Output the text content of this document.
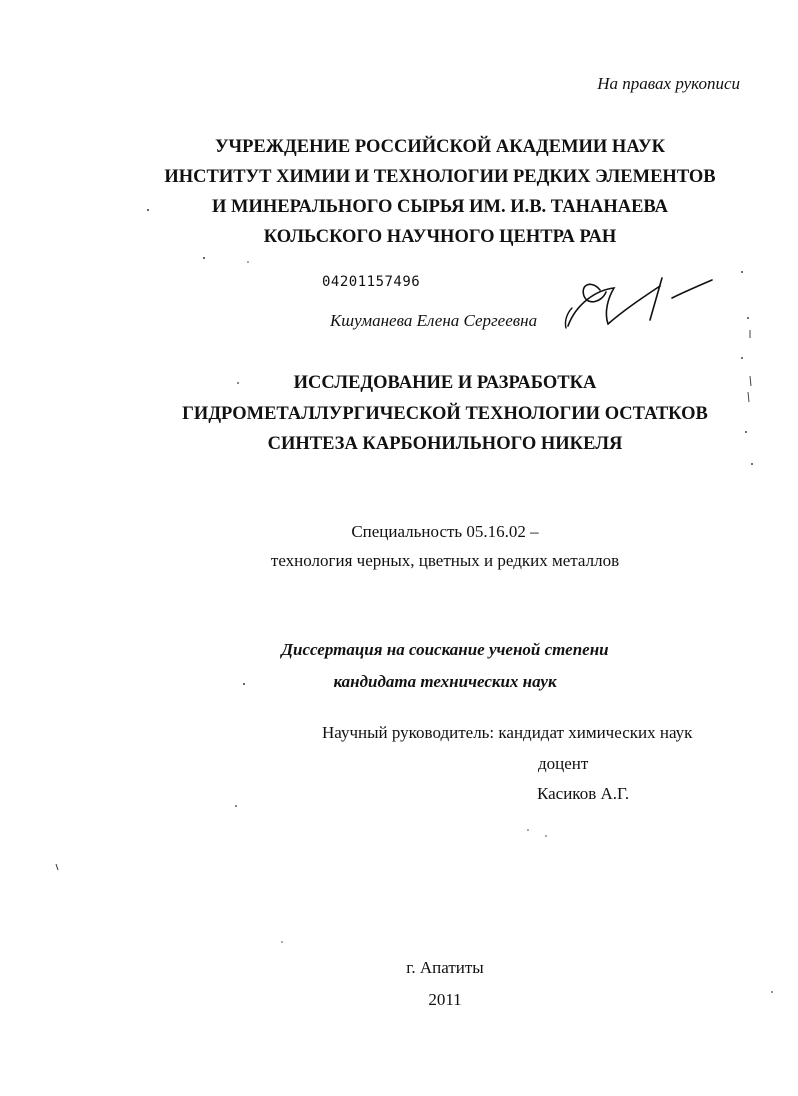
На правах рукописи
УЧРЕЖДЕНИЕ РОССИЙСКОЙ АКАДЕМИИ НАУК
ИНСТИТУТ ХИМИИ И ТЕХНОЛОГИИ РЕДКИХ ЭЛЕМЕНТОВ
И МИНЕРАЛЬНОГО СЫРЬЯ ИМ. И.В. ТАНАНАЕВА
КОЛЬСКОГО НАУЧНОГО ЦЕНТРА РАН
04201157496
Кшуманева Елена Сергеевна
ИССЛЕДОВАНИЕ И РАЗРАБОТКА
ГИДРОМЕТАЛЛУРГИЧЕСКОЙ ТЕХНОЛОГИИ ОСТАТКОВ
СИНТЕЗА КАРБОНИЛЬНОГО НИКЕЛЯ
Специальность 05.16.02 –
технология черных, цветных и редких металлов
Диссертация на соискание ученой степени
кандидата технических наук
Научный руководитель: кандидат химических наук
доцент
Касиков А.Г.
г. Апатиты
2011
